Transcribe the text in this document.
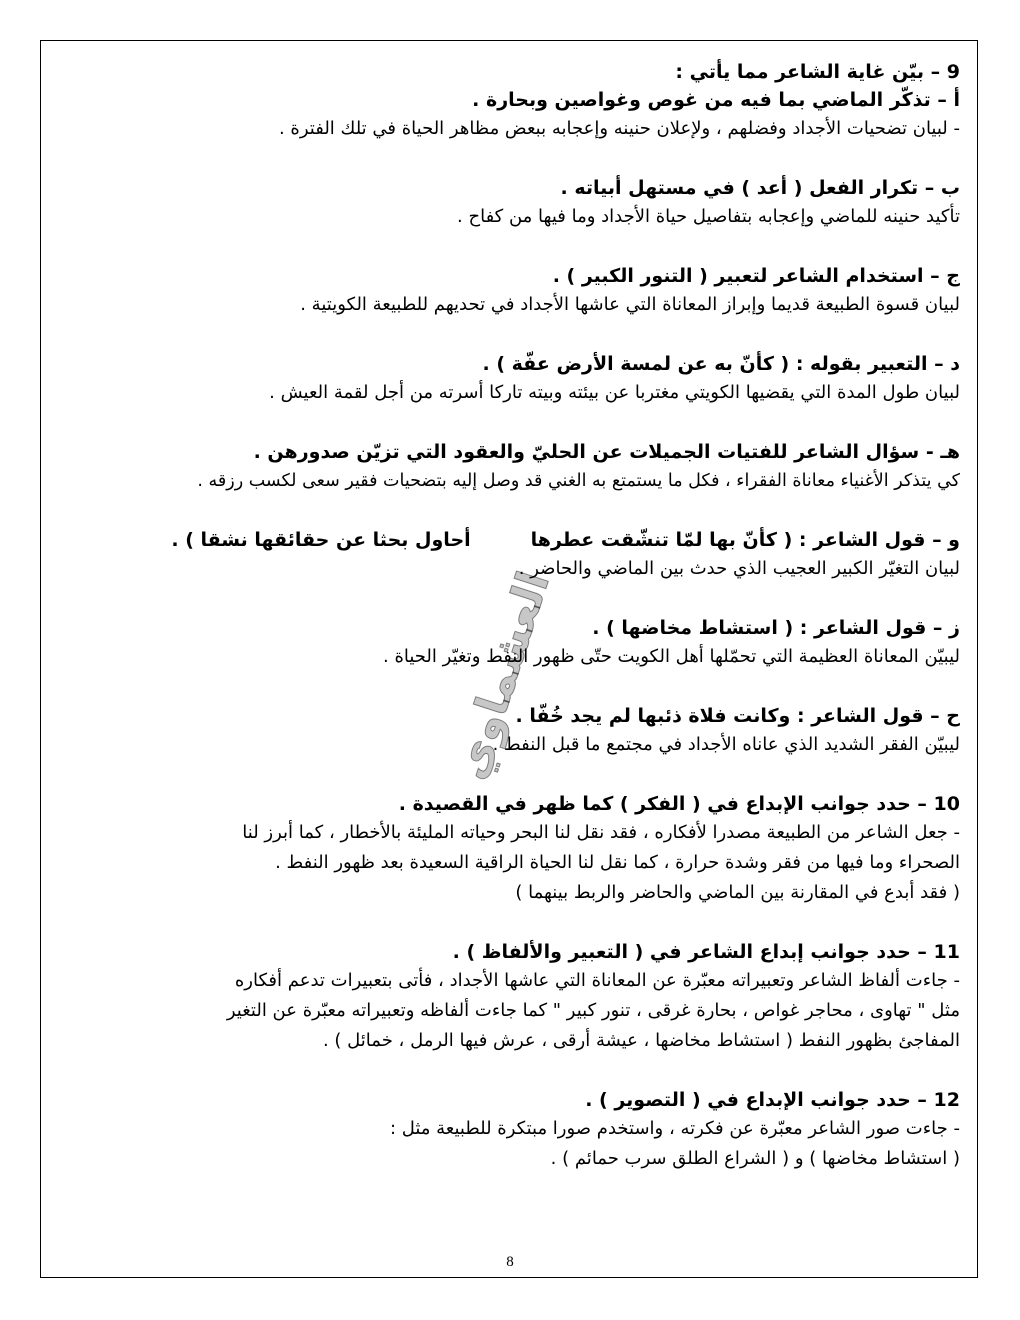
9 – بيّن غاية الشاعر مما يأتي :
أ – تذكّر الماضي بما فيه من غوص وغواصين وبحارة .
- لبيان تضحيات الأجداد وفضلهم ، ولإعلان حنينه وإعجابه ببعض مظاهر الحياة في تلك الفترة .
ب – تكرار الفعل ( أعد ) في مستهل أبياته .
تأكيد حنينه للماضي وإعجابه بتفاصيل حياة الأجداد وما فيها من كفاح .
ج – استخدام الشاعر لتعبير ( التنور الكبير ) .
لبيان قسوة الطبيعة قديما وإبراز المعاناة التي عاشها الأجداد في تحديهم للطبيعة الكويتية .
د – التعبير بقوله : ( كأنّ به عن لمسة الأرض عفّة ) .
لبيان طول المدة التي يقضيها الكويتي مغتربا عن بيئته وبيته تاركا أسرته من أجل لقمة العيش .
هـ - سؤال الشاعر للفتيات الجميلات عن الحليّ والعقود التي تزيّن صدورهن .
كي يتذكر الأغنياء معاناة الفقراء ، فكل ما يستمتع به الغني قد وصل إليه بتضحيات فقير سعى لكسب رزقه .
و – قول الشاعر : ( كأنّ بها لمّا تنشّقت عطرهاأحاول بحثا عن حقائقها نشقا ) .
لبيان التغيّر الكبير العجيب الذي حدث بين الماضي والحاضر .
ز – قول الشاعر : ( استشاط مخاضها ) .
ليبيّن المعاناة العظيمة التي تحمّلها أهل الكويت حتّى ظهور النفط وتغيّر الحياة .
ح – قول الشاعر : وكانت فلاة ذئبها لم يجد خُفّا .
ليبيّن الفقر الشديد الذي عاناه الأجداد في مجتمع ما قبل النفط .
10 – حدد جوانب الإبداع في ( الفكر ) كما ظهر في القصيدة .
- جعل الشاعر من الطبيعة مصدرا لأفكاره ، فقد نقل لنا البحر وحياته المليئة بالأخطار ، كما أبرز لنا
الصحراء وما فيها من فقر وشدة حرارة ، كما نقل لنا الحياة الراقية السعيدة بعد ظهور النفط .
( فقد أبدع في المقارنة بين الماضي والحاضر والربط بينهما )
11 – حدد جوانب إبداع الشاعر في ( التعبير والألفاظ ) .
- جاءت ألفاظ الشاعر وتعبيراته معبّرة عن المعاناة التي عاشها الأجداد ، فأتى بتعبيرات تدعم أفكاره
مثل " تهاوى ، محاجر غواص ، بحارة غرقى ، تنور كبير " كما جاءت ألفاظه وتعبيراته معبّرة عن التغير
المفاجئ بظهور النفط ( استشاط مخاضها ، عيشة أرقى ، عرش فيها الرمل ، خمائل ) .
12 – حدد جوانب الإبداع في ( التصوير ) .
- جاءت صور الشاعر معبّرة عن فكرته ، واستخدم صورا مبتكرة للطبيعة مثل :
( استشاط مخاضها ) و ( الشراع الطلق سرب حمائم ) .
العشماوي
8
